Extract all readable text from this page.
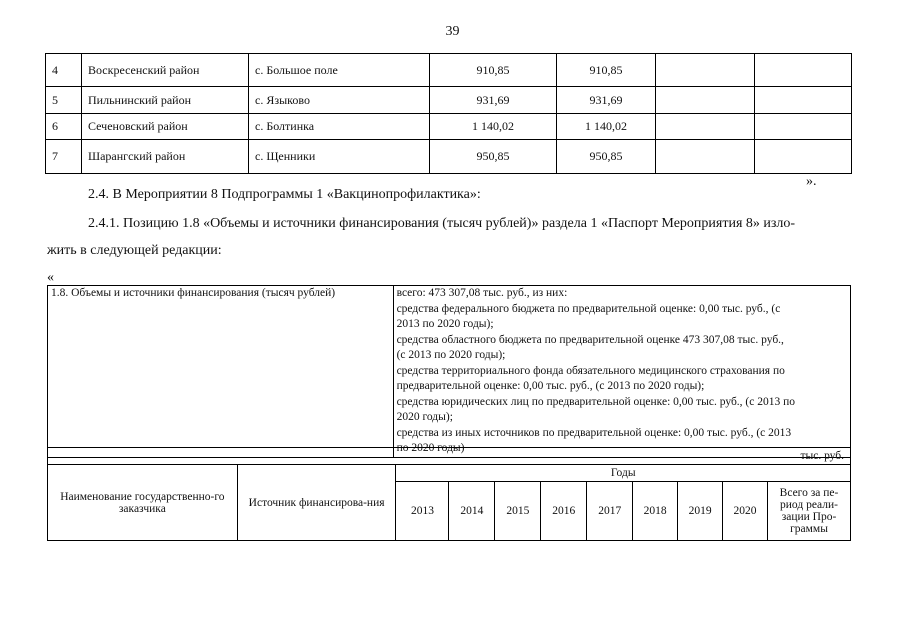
39
4	Воскресенский район	с. Большое поле	910,85	910,85		
5	Пильнинский район	с. Языково	931,69	931,69		
6	Сеченовский район	с. Болтинка	1 140,02	1 140,02		
7	Шарангский район	с. Щенники	950,85	950,85		
».
2.4. В Мероприятии 8 Подпрограммы 1 «Вакцинопрофилактика»:
2.4.1. Позицию 1.8 «Объемы и источники финансирования (тысяч рублей)» раздела 1 «Паспорт Мероприятия 8» изло-
жить в следующей редакции:
«
1.8. Объемы и источники финансирования (тысяч рублей)	всего: 473 307,08 тыс. руб., из них:
средства федерального бюджета по предварительной оценке: 0,00 тыс. руб., (с
2013 по 2020 годы);
средства областного бюджета по предварительной оценке 473 307,08 тыс. руб.,
(с 2013 по 2020 годы);
средства территориального фонда обязательного медицинского страхования по
предварительной оценке: 0,00 тыс. руб., (с 2013 по 2020 годы);
средства юридических лиц по предварительной оценке: 0,00 тыс. руб., (с 2013 по
2020 годы);
средства из иных источников по предварительной оценке: 0,00 тыс. руб., (с 2013
по 2020 годы)
тыс. руб.										
Наименование государственно-го заказчика	Источник финансирова-ния	Годы								
		2013	2014	2015	2016	2017	2018	2019	2020	Всего за пе-риод реали-зации Про-граммы
